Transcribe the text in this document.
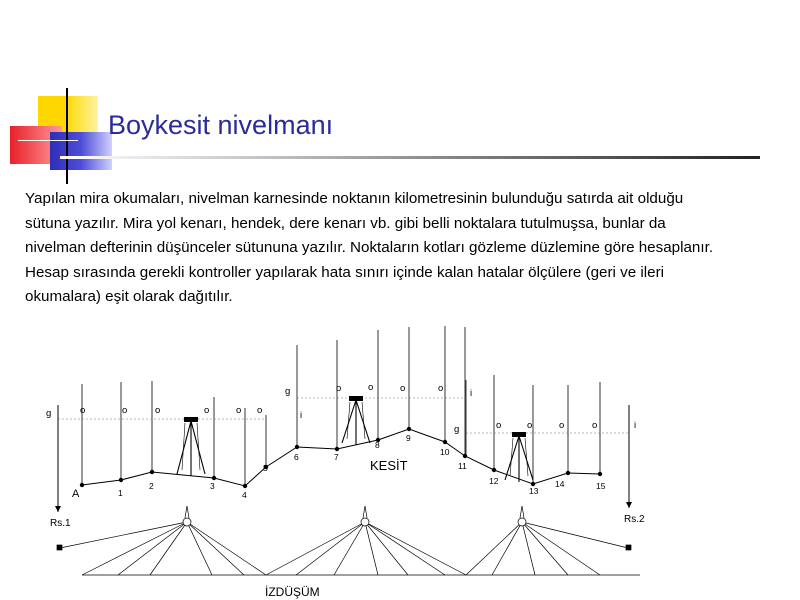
Boykesit nivelmanı
Yapılan mira okumaları, nivelman karnesinde noktanın kilometresinin bulunduğu satırda ait olduğu
sütuna yazılır. Mira yol kenarı, hendek, dere kenarı vb. gibi belli noktalara tutulmuşsa, bunlar da
nivelman defterinin düşünceler sütununa yazılır. Noktaların kotları gözleme düzlemine göre hesaplanır.
Hesap sırasında gerekli kontroller yapılarak hata sınırı içinde kalan hatalar ölçülere (geri ve ileri
okumalara) eşit olarak dağıtılır.
1
2	3
4
5
6	7
8
9
10
11
12
13
14	15
g	o	o	o	o	o o	i
g	o	o	o	o	i
g	o	o	o	o	i
KESİT
İZDÜŞÜM
Rs.1	Rs.2
A
